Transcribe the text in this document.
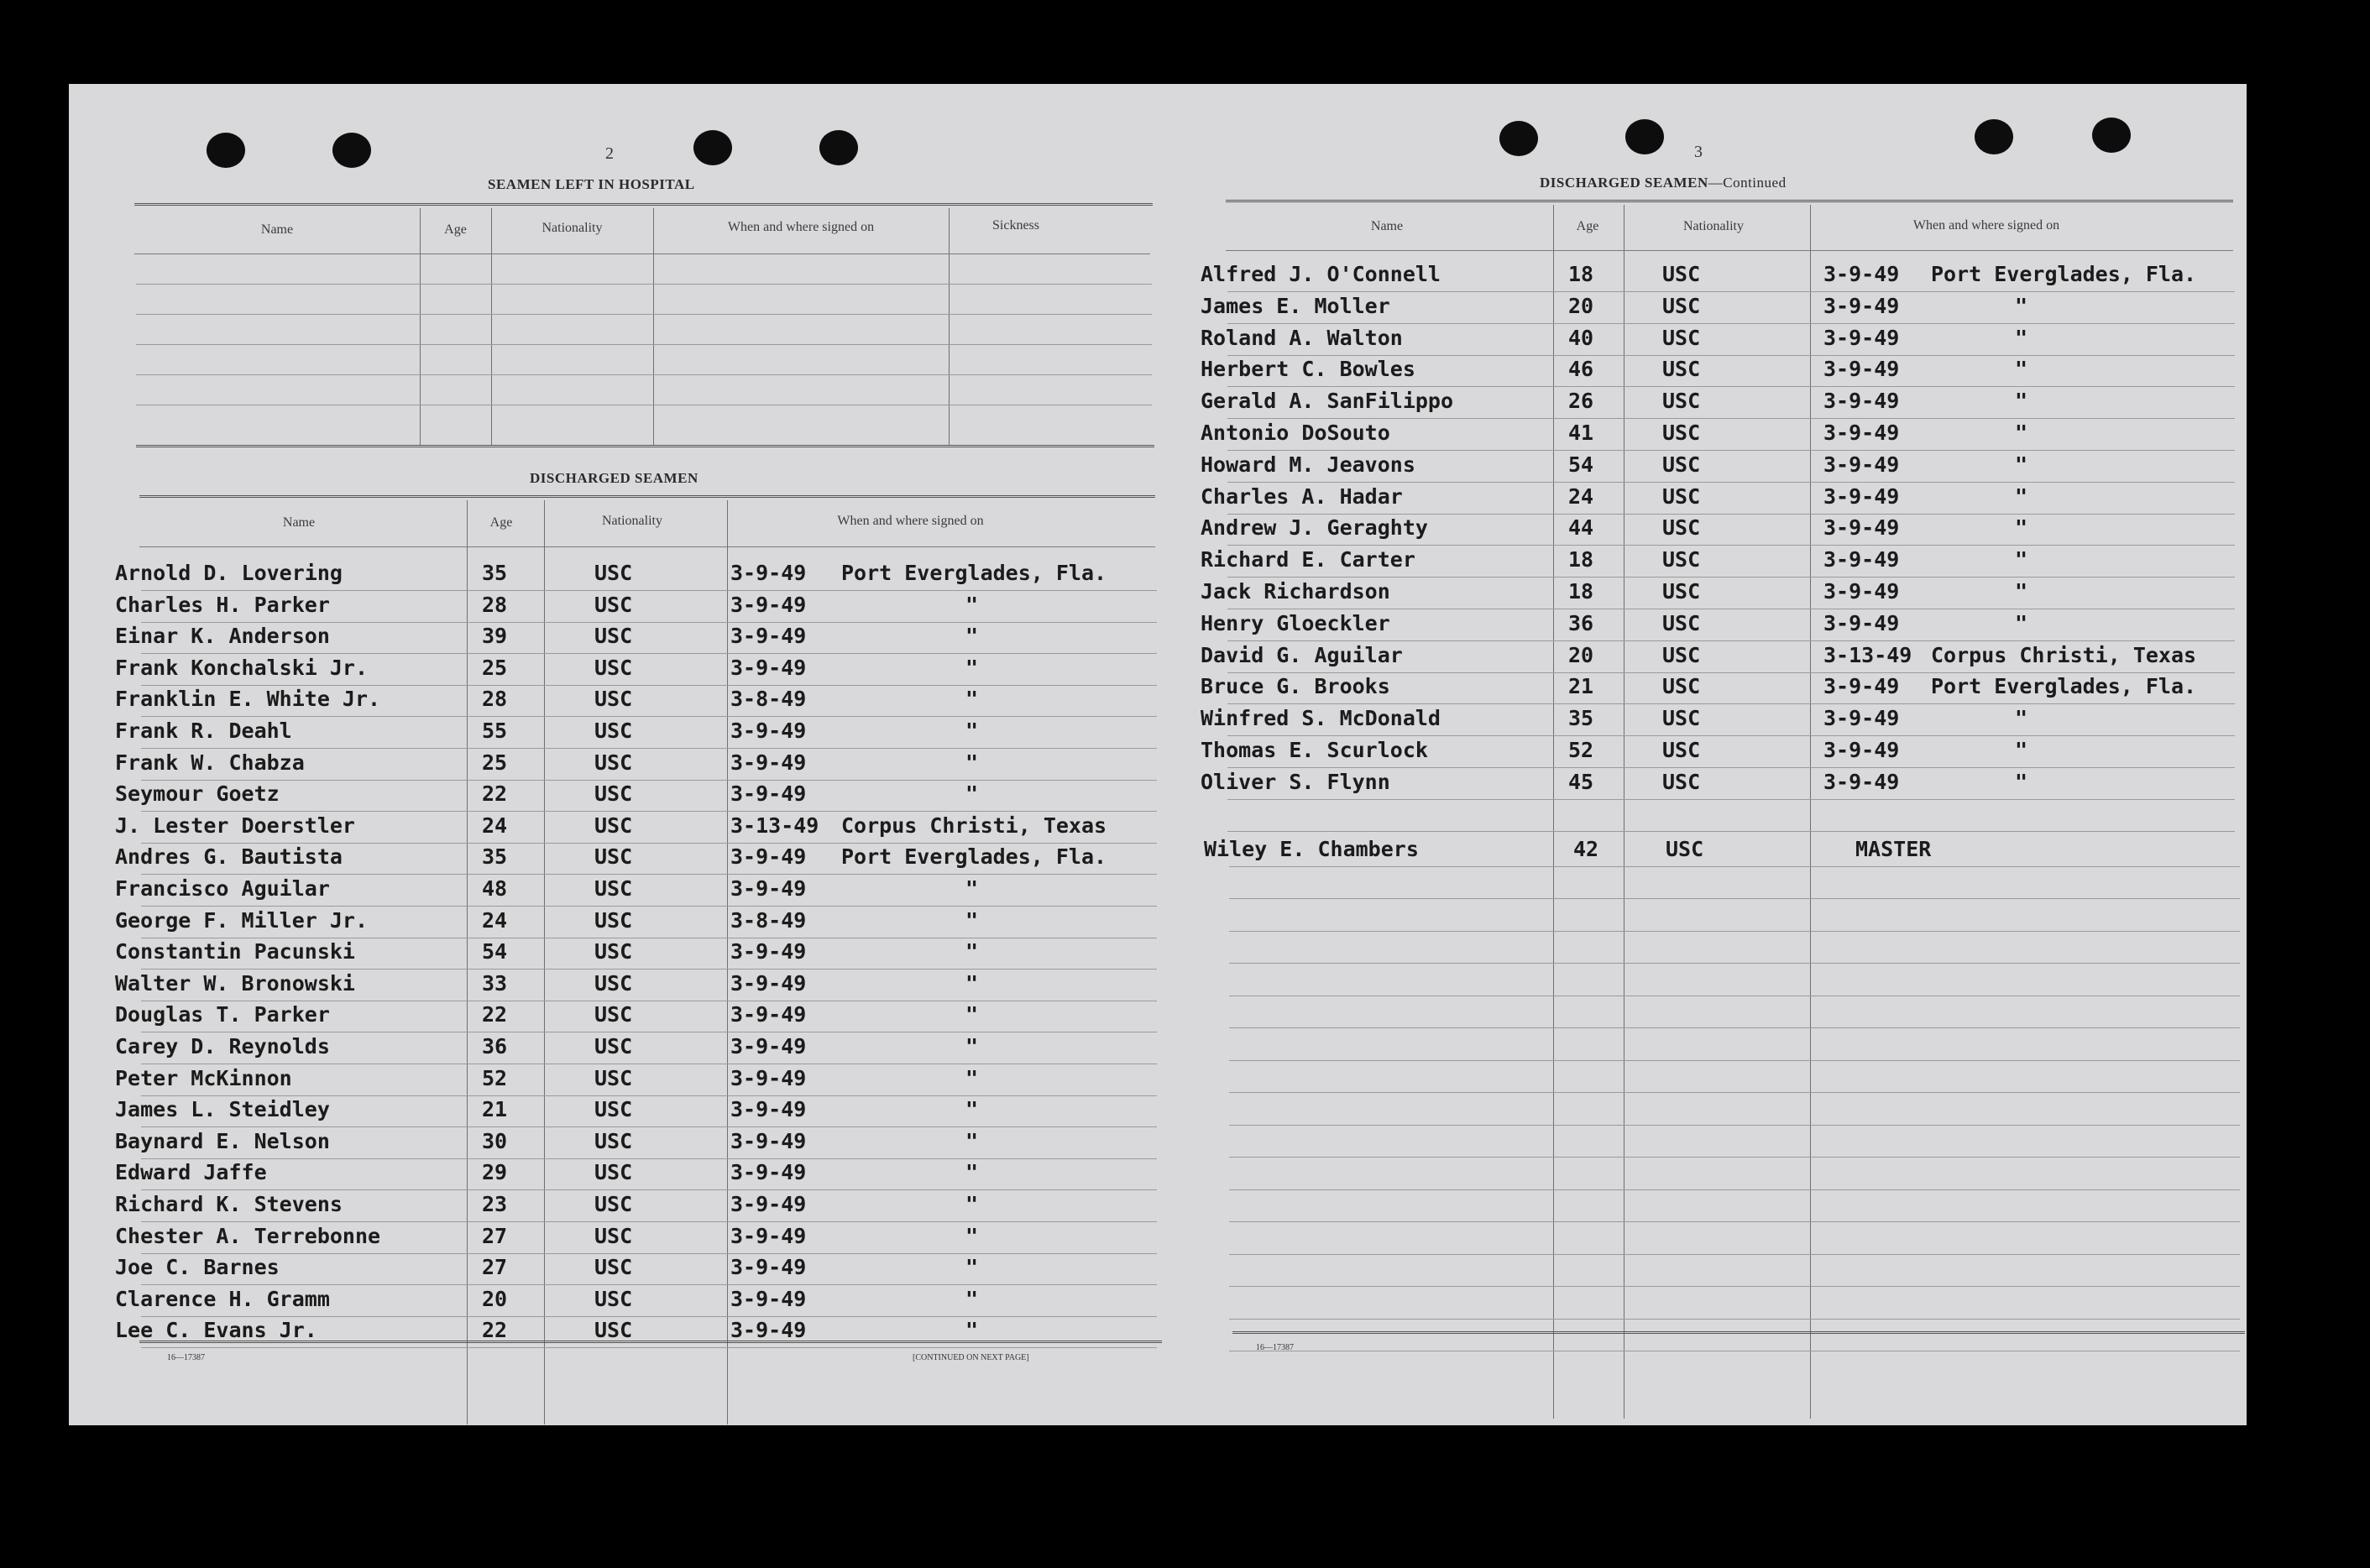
2
SEAMEN LEFT IN HOSPITAL
Name	Age	Nationality	When and where signed on	Sickness
DISCHARGED SEAMEN
Name	Age	Nationality	When and where signed on
Arnold D. Lovering	35	USC	3-9-49 Port Everglades, Fla.
Charles H. Parker	28	USC	3-9-49	"
Einar K. Anderson	39	USC	3-9-49	"
Frank Konchalski Jr.	25	USC	3-9-49	"
Franklin E. White Jr.	28	USC	3-8-49	"
Frank R. Deahl	55	USC	3-9-49	"
Frank W. Chabza	25	USC	3-9-49	"
Seymour Goetz	22	USC	3-9-49	"
J. Lester Doerstler	24	USC	3-13-49 Corpus Christi, Texas
Andres G. Bautista	35	USC	3-9-49 Port Everglades, Fla.
Francisco Aguilar	48	USC	3-9-49	"
George F. Miller Jr.	24	USC	3-8-49	"
Constantin Pacunski	54	USC	3-9-49	"
Walter W. Bronowski	33	USC	3-9-49	"
Douglas T. Parker	22	USC	3-9-49	"
Carey D. Reynolds	36	USC	3-9-49	"
Peter McKinnon	52	USC	3-9-49	"
James L. Steidley	21	USC	3-9-49	"
Baynard E. Nelson	30	USC	3-9-49	"
Edward Jaffe	29	USC	3-9-49	"
Richard K. Stevens	23	USC	3-9-49	"
Chester A. Terrebonne	27	USC	3-9-49	"
Joe C. Barnes	27	USC	3-9-49	"
Clarence H. Gramm	20	USC	3-9-49	"
Lee C. Evans Jr.	22	USC	3-9-49	"
16—17387	[CONTINUED ON NEXT PAGE]
3
DISCHARGED SEAMEN—Continued
Name	Age	Nationality	When and where signed on
Alfred J. O'Connell	18	USC	3-9-49 Port Everglades, Fla.
James E. Moller	20	USC	3-9-49	"
Roland A. Walton	40	USC	3-9-49	"
Herbert C. Bowles	46	USC	3-9-49	"
Gerald A. SanFilippo	26	USC	3-9-49	"
Antonio DoSouto	41	USC	3-9-49	"
Howard M. Jeavons	54	USC	3-9-49	"
Charles A. Hadar	24	USC	3-9-49	"
Andrew J. Geraghty	44	USC	3-9-49	"
Richard E. Carter	18	USC	3-9-49	"
Jack Richardson	18	USC	3-9-49	"
Henry Gloeckler	36	USC	3-9-49	"
David G. Aguilar	20	USC	3-13-49 Corpus Christi, Texas
Bruce G. Brooks	21	USC	3-9-49 Port Everglades, Fla.
Winfred S. McDonald	35	USC	3-9-49	"
Thomas E. Scurlock	52	USC	3-9-49	"
Oliver S. Flynn	45	USC	3-9-49	"
Wiley E. Chambers	42	USC	MASTER
16—17387
